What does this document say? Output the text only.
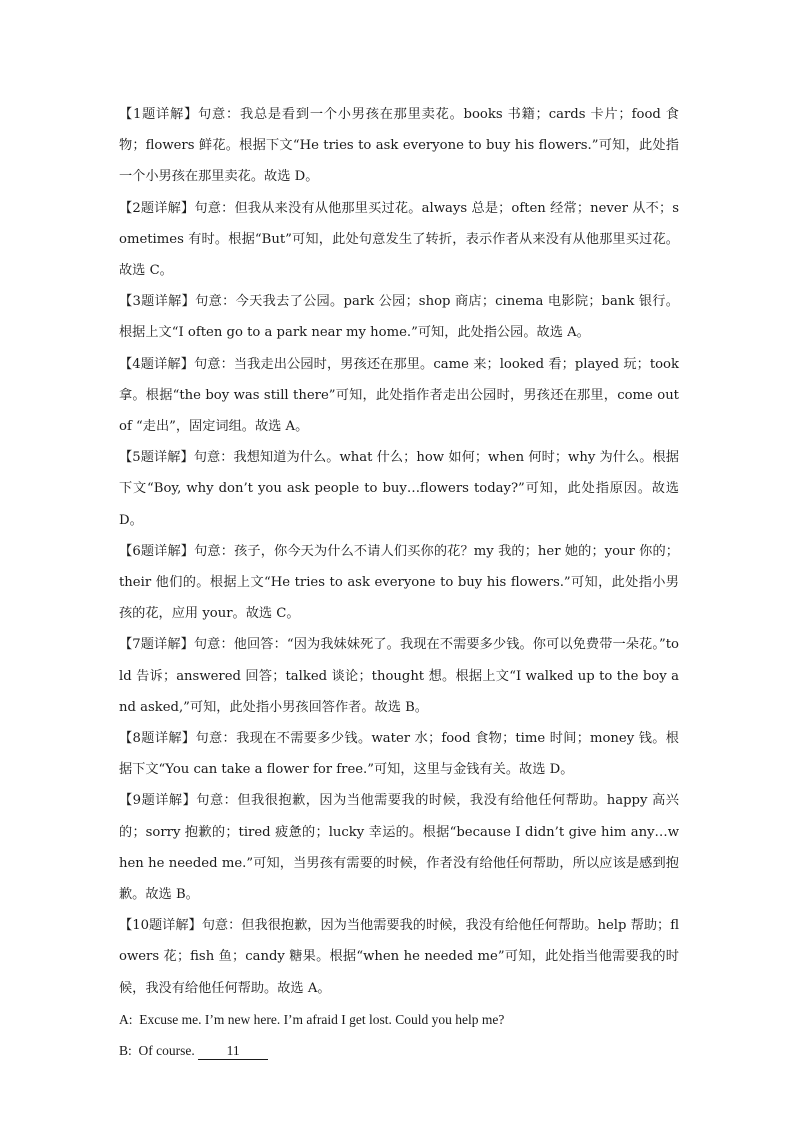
【1题详解】句意：我总是看到一个小男孩在那里卖花。books 书籍；cards 卡片；food 食物；flowers 鲜花。根据下文“He tries to ask everyone to buy his flowers.”可知，此处指一个小男孩在那里卖花。故选 D。

【2题详解】句意：但我从来没有从他那里买过花。always 总是；often 经常；never 从不；sometimes 有时。根据“But”可知，此处句意发生了转折，表示作者从来没有从他那里买过花。故选 C。

【3题详解】句意：今天我去了公园。park 公园；shop 商店；cinema 电影院；bank 银行。根据上文“I often go to a park near my home.”可知，此处指公园。故选 A。

【4题详解】句意：当我走出公园时，男孩还在那里。came 来；looked 看；played 玩；took 拿。根据“the boy was still there”可知，此处指作者走出公园时，男孩还在那里，come out of “走出”，固定词组。故选 A。

【5题详解】句意：我想知道为什么。what 什么；how 如何；when 何时；why 为什么。根据下文“Boy, why don’t you ask people to buy…flowers today?”可知，此处指原因。故选 D。

【6题详解】句意：孩子，你今天为什么不请人们买你的花？my 我的；her 她的；your 你的；their 他们的。根据上文“He tries to ask everyone to buy his flowers.”可知，此处指小男孩的花，应用 your。故选 C。

【7题详解】句意：他回答：“因为我妹妹死了。我现在不需要多少钱。你可以免费带一朵花。”told 告诉；answered 回答；talked 谈论；thought 想。根据上文“I walked up to the boy and asked,”可知，此处指小男孩回答作者。故选 B。

【8题详解】句意：我现在不需要多少钱。water 水；food 食物；time 时间；money 钱。根据下文“You can take a flower for free.”可知，这里与金钱有关。故选 D。

【9题详解】句意：但我很抱歉，因为当他需要我的时候，我没有给他任何帮助。happy 高兴的；sorry 抱歉的；tired 疲惫的；lucky 幸运的。根据“because I didn’t give him any…when he needed me.”可知，当男孩有需要的时候，作者没有给他任何帮助，所以应该是感到抱歉。故选 B。

【10题详解】句意：但我很抱歉，因为当他需要我的时候，我没有给他任何帮助。help 帮助；flowers 花；fish 鱼；candy 糖果。根据“when he needed me”可知，此处指当他需要我的时候，我没有给他任何帮助。故选 A。

A:  Excuse me. I’m new here. I’m afraid I get lost. Could you help me?

B:  Of course. 11
